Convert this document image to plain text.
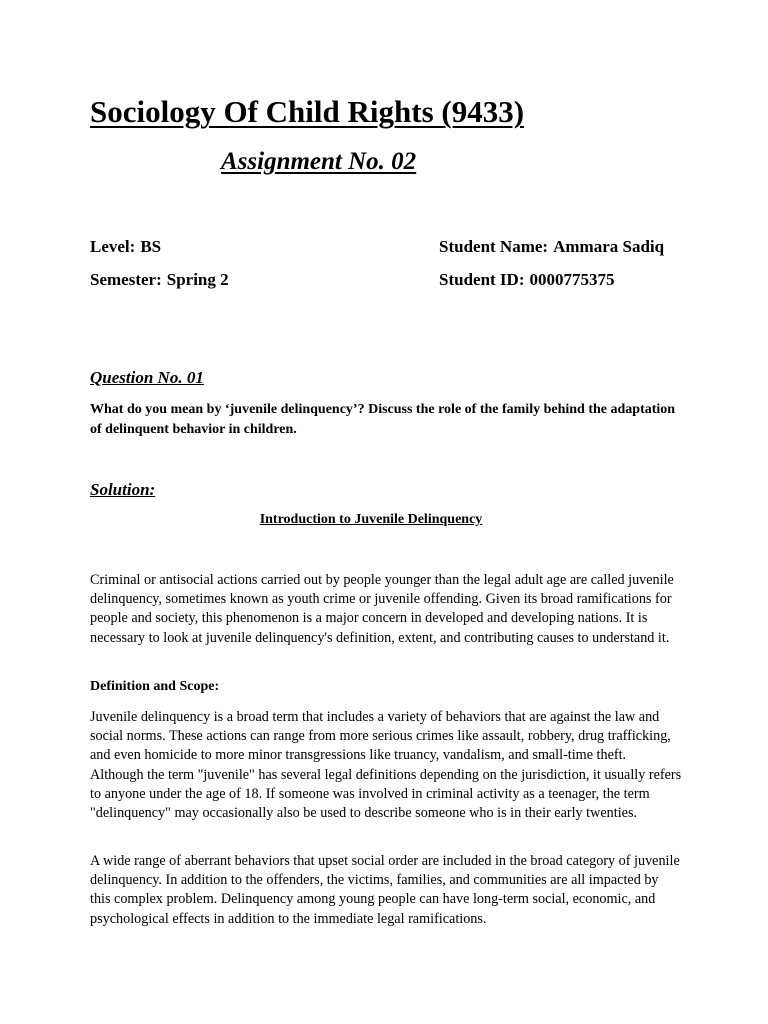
Sociology Of Child Rights (9433)
Assignment No. 02
Level: BS	Student Name: Ammara Sadiq
Semester: Spring 2	Student ID: 0000775375
Question No. 01

What do you mean by ‘juvenile delinquency’? Discuss the role of the family behind the adaptation of delinquent behavior in children.

Solution:
Introduction to Juvenile Delinquency

Criminal or antisocial actions carried out by people younger than the legal adult age are called juvenile delinquency, sometimes known as youth crime or juvenile offending. Given its broad ramifications for people and society, this phenomenon is a major concern in developed and developing nations. It is necessary to look at juvenile delinquency's definition, extent, and contributing causes to understand it.

Definition and Scope:

Juvenile delinquency is a broad term that includes a variety of behaviors that are against the law and social norms. These actions can range from more serious crimes like assault, robbery, drug trafficking, and even homicide to more minor transgressions like truancy, vandalism, and small-time theft. Although the term "juvenile" has several legal definitions depending on the jurisdiction, it usually refers to anyone under the age of 18. If someone was involved in criminal activity as a teenager, the term "delinquency" may occasionally also be used to describe someone who is in their early twenties.

A wide range of aberrant behaviors that upset social order are included in the broad category of juvenile delinquency. In addition to the offenders, the victims, families, and communities are all impacted by this complex problem. Delinquency among young people can have long-term social, economic, and psychological effects in addition to the immediate legal ramifications.
